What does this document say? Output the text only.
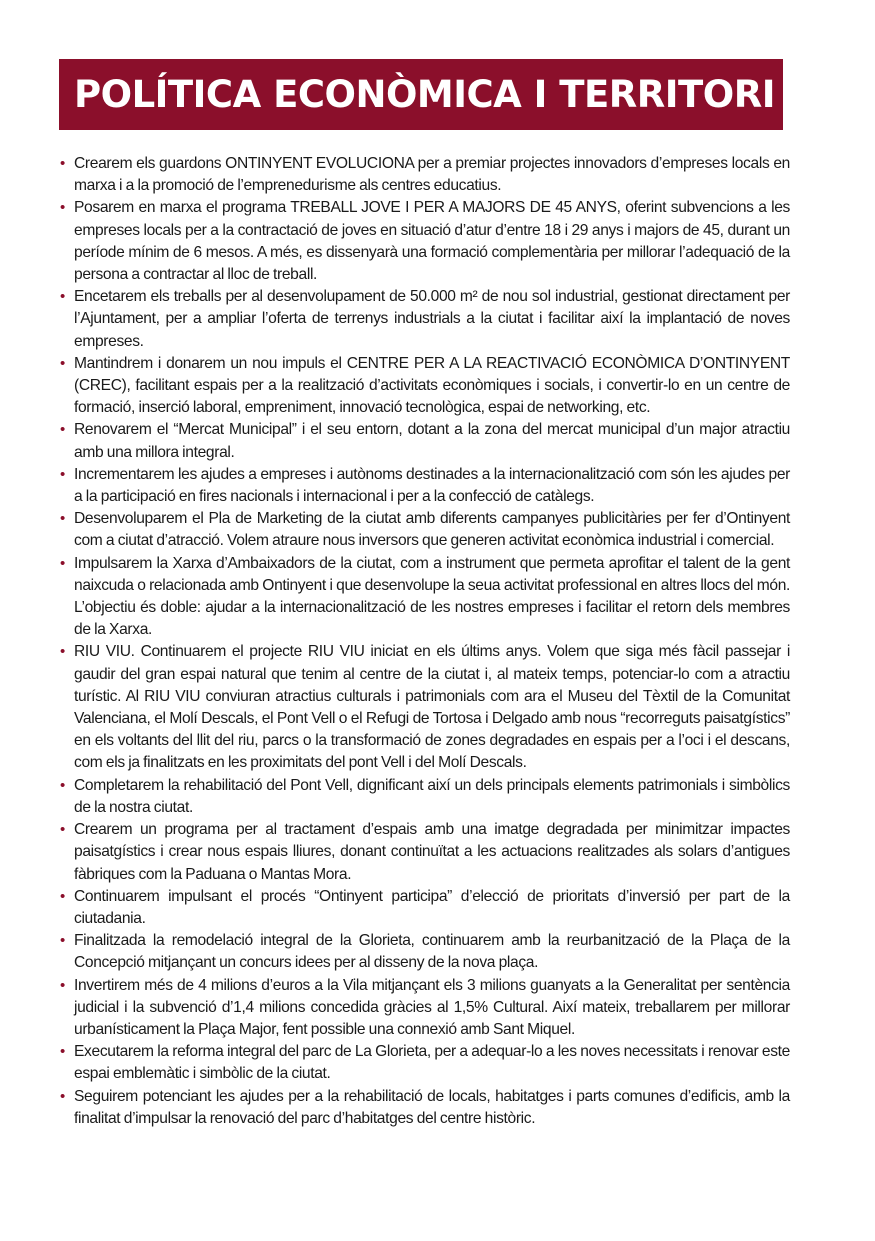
POLÍTICA ECONÒMICA I TERRITORI
• Crearem els guardons ONTINYENT EVOLUCIONA per a premiar projectes innovadors d’empreses locals en marxa i a la promoció de l’emprenedurisme als centres educatius.
• Posarem en marxa el programa TREBALL JOVE I PER A MAJORS DE 45 ANYS, oferint subvencions a les empreses locals per a la contractació de joves en situació d’atur d’entre 18 i 29 anys i majors de 45, durant un període mínim de 6 mesos. A més, es dissenyarà una formació complementària per millorar l’adequació de la persona a contractar al lloc de treball.
• Encetarem els treballs per al desenvolupament de 50.000 m² de nou sol industrial, gestionat directament per l’Ajuntament, per a ampliar l’oferta de terrenys industrials a la ciutat i facilitar així la implantació de noves empreses.
• Mantindrem i donarem un nou impuls el CENTRE PER A LA REACTIVACIÓ ECONÒMICA D’ONTINYENT (CREC), facilitant espais per a la realització d’activitats econòmiques i socials, i convertir-lo en un centre de formació, inserció laboral, empreniment, innovació tecnològica, espai de networking, etc.
• Renovarem el “Mercat Municipal” i el seu entorn, dotant a la zona del mercat municipal d’un major atractiu amb una millora integral.
• Incrementarem les ajudes a empreses i autònoms destinades a la internacionalització com són les ajudes per a la participació en fires nacionals i internacional i per a la confecció de catàlegs.
• Desenvoluparem el Pla de Marketing de la ciutat amb diferents campanyes publicitàries per fer d’Ontinyent com a ciutat d’atracció. Volem atraure nous inversors que generen activitat econòmica industrial i comercial.
• Impulsarem la Xarxa d’Ambaixadors de la ciutat, com a instrument que permeta aprofitar el talent de la gent naixcuda o relacionada amb Ontinyent i que desenvolupe la seua activitat professional en altres llocs del món. L’objectiu és doble: ajudar a la internacionalització de les nostres empreses i facilitar el retorn dels membres de la Xarxa.
• RIU VIU. Continuarem el projecte RIU VIU iniciat en els últims anys. Volem que siga més fàcil passejar i gaudir del gran espai natural que tenim al centre de la ciutat i, al mateix temps, potenciar-lo com a atractiu turístic. Al RIU VIU conviuran atractius culturals i patrimonials com ara el Museu del Tèxtil de la Comunitat Valenciana, el Molí Descals, el Pont Vell o el Refugi de Tortosa i Delgado amb nous “recorreguts paisatgístics” en els voltants del llit del riu, parcs o la transformació de zones degradades en espais per a l’oci i el descans, com els ja finalitzats en les proximitats del pont Vell i del Molí Descals.
• Completarem la rehabilitació del Pont Vell, dignificant així un dels principals elements patrimonials i simbòlics de la nostra ciutat.
• Crearem un programa per al tractament d’espais amb una imatge degradada per minimitzar impactes paisatgístics i crear nous espais lliures, donant continuïtat a les actuacions realitzades als solars d’antigues fàbriques com la Paduana o Mantas Mora.
• Continuarem impulsant el procés “Ontinyent participa” d’elecció de prioritats d’inversió per part de la ciutadania.
• Finalitzada la remodelació integral de la Glorieta, continuarem amb la reurbanització de la Plaça de la Concepció mitjançant un concurs idees per al disseny de la nova plaça.
• Invertirem més de 4 milions d’euros a la Vila mitjançant els 3 milions guanyats a la Generalitat per sentència judicial i la subvenció d’1,4 milions concedida gràcies al 1,5% Cultural. Així mateix, treballarem per millorar urbanísticament la Plaça Major, fent possible una connexió amb Sant Miquel.
• Executarem la reforma integral del parc de La Glorieta, per a adequar-lo a les noves necessitats i renovar este espai emblemàtic i simbòlic de la ciutat.
• Seguirem potenciant les ajudes per a la rehabilitació de locals, habitatges i parts comunes d’edificis, amb la finalitat d’impulsar la renovació del parc d’habitatges del centre històric.
